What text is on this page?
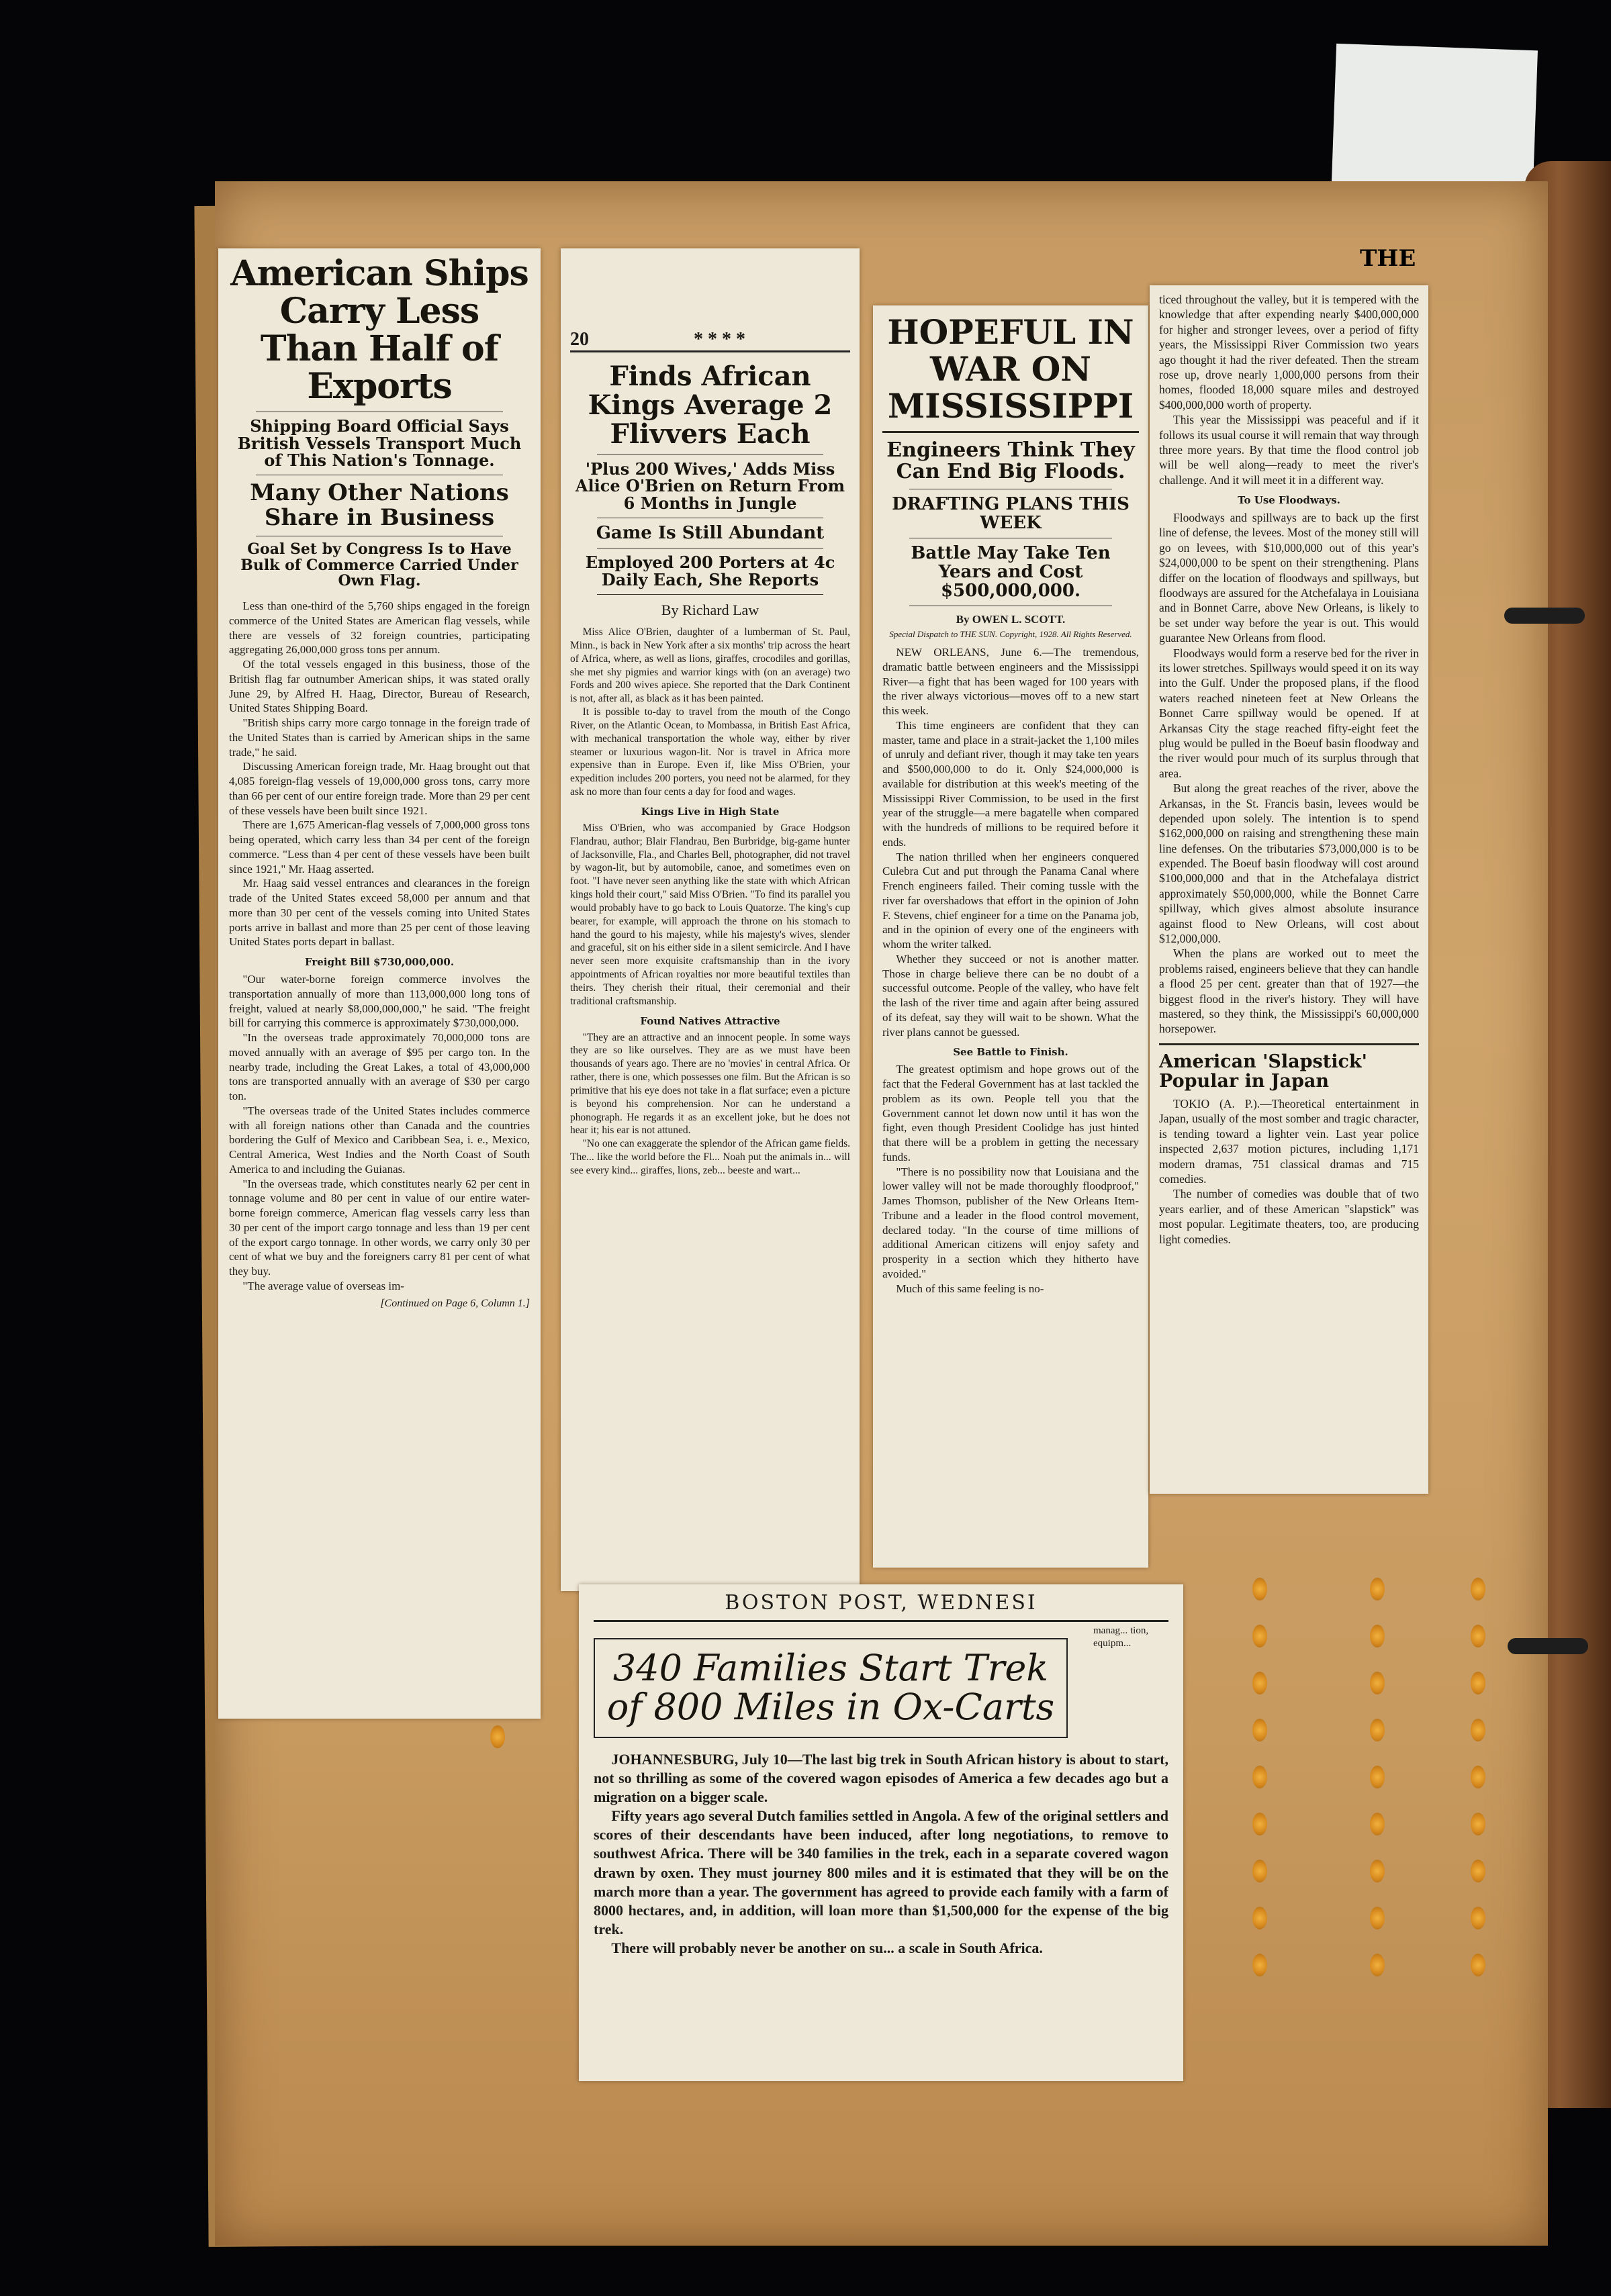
THE
American Ships Carry Less Than Half of Exports
Shipping Board Official Says British Vessels Transport Much of This Nation's Tonnage.
Many Other Nations Share in Business
Goal Set by Congress Is to Have Bulk of Commerce Carried Under Own Flag.

Less than one-third of the 5,760 ships engaged in the foreign commerce of the United States are American flag vessels, while there are vessels of 32 foreign countries, participating aggregating 26,000,000 gross tons per annum.

Of the total vessels engaged in this business, those of the British flag far outnumber American ships, it was stated orally June 29, by Alfred H. Haag, Director, Bureau of Research, United States Shipping Board.

"British ships carry more cargo tonnage in the foreign trade of the United States than is carried by American ships in the same trade," he said.

Discussing American foreign trade, Mr. Haag brought out that 4,085 foreign-flag vessels of 19,000,000 gross tons, carry more than 66 per cent of our entire foreign trade. More than 29 per cent of these vessels have been built since 1921.

There are 1,675 American-flag vessels of 7,000,000 gross tons being operated, which carry less than 34 per cent of the foreign commerce. "Less than 4 per cent of these vessels have been built since 1921," Mr. Haag asserted.

Mr. Haag said vessel entrances and clearances in the foreign trade of the United States exceed 58,000 per annum and that more than 30 per cent of the vessels coming into United States ports arrive in ballast and more than 25 per cent of those leaving United States ports depart in ballast.

Freight Bill $730,000,000.

"Our water-borne foreign commerce involves the transportation annually of more than 113,000,000 long tons of freight, valued at nearly $8,000,000,000," he said. "The freight bill for carrying this commerce is approximately $730,000,000.

"In the overseas trade approximately 70,000,000 tons are moved annually with an average of $95 per cargo ton. In the nearby trade, including the Great Lakes, a total of 43,000,000 tons are transported annually with an average of $30 per cargo ton.

"The overseas trade of the United States includes commerce with all foreign nations other than Canada and the countries bordering the Gulf of Mexico and Caribbean Sea, i. e., Mexico, Central America, West Indies and the North Coast of South America to and including the Guianas.

"In the overseas trade, which constitutes nearly 62 per cent in tonnage volume and 80 per cent in value of our entire water-borne foreign commerce, American flag vessels carry less than 30 per cent of the import cargo tonnage and less than 19 per cent of the export cargo tonnage. In other words, we carry only 30 per cent of what we buy and the foreigners carry 81 per cent of what they buy.

"The average value of overseas im-

[Continued on Page 6, Column 1.]
20	* * * *
Finds African Kings Average 2 Flivvers Each
'Plus 200 Wives,' Adds Miss Alice O'Brien on Return From 6 Months in Jungle
Game Is Still Abundant
Employed 200 Porters at 4c Daily Each, She Reports
By Richard Law

Miss Alice O'Brien, daughter of a lumberman of St. Paul, Minn., is back in New York after a six months' trip across the heart of Africa, where, as well as lions, giraffes, crocodiles and gorillas, she met shy pigmies and warrior kings with (on an average) two Fords and 200 wives apiece. She reported that the Dark Continent is not, after all, as black as it has been painted.

It is possible to-day to travel from the mouth of the Congo River, on the Atlantic Ocean, to Mombassa, in British East Africa, with mechanical transportation the whole way, either by river steamer or luxurious wagon-lit. Nor is travel in Africa more expensive than in Europe. Even if, like Miss O'Brien, your expedition includes 200 porters, you need not be alarmed, for they ask no more than four cents a day for food and wages.

Kings Live in High State

Miss O'Brien, who was accompanied by Grace Hodgson Flandrau, author; Blair Flandrau, Ben Burbridge, big-game hunter of Jacksonville, Fla., and Charles Bell, photographer, did not travel by wagon-lit, but by automobile, canoe, and sometimes even on foot. "I have never seen anything like the state with which African kings hold their court," said Miss O'Brien. "To find its parallel you would probably have to go back to Louis Quatorze. The king's cup bearer, for example, will approach the throne on his stomach to hand the gourd to his majesty, while his majesty's wives, slender and graceful, sit on his either side in a silent semicircle. And I have never seen more exquisite craftsmanship than in the ivory appointments of African royalties nor more beautiful textiles than theirs. They cherish their ritual, their ceremonial and their traditional craftsmanship.

Found Natives Attractive

"They are an attractive and an innocent people. In some ways they are so like ourselves. They are as we must have been thousands of years ago. There are no 'movies' in central Africa. Or rather, there is one, which possesses one film. But the African is so primitive that his eye does not take in a flat surface; even a picture is beyond his comprehension. Nor can he understand a phonograph. He regards it as an excellent joke, but he does not hear it; his ear is not attuned.

"No one can exaggerate the splendor of the African game fields. The... like the world before the Fl... Noah put the animals in... will see every kind... giraffes, lions, zeb... beeste and wart...

HOPEFUL IN WAR ON MISSISSIPPI
Engineers Think They Can End Big Floods.
DRAFTING PLANS THIS WEEK
Battle May Take Ten Years and Cost $500,000,000.
By OWEN L. SCOTT.
Special Dispatch to THE SUN. Copyright, 1928. All Rights Reserved.

NEW ORLEANS, June 6.—The tremendous, dramatic battle between engineers and the Mississippi River—a fight that has been waged for 100 years with the river always victorious—moves off to a new start this week.

This time engineers are confident that they can master, tame and place in a strait-jacket the 1,100 miles of unruly and defiant river, though it may take ten years and $500,000,000 to do it. Only $24,000,000 is available for distribution at this week's meeting of the Mississippi River Commission, to be used in the first year of the struggle—a mere bagatelle when compared with the hundreds of millions to be required before it ends.

The nation thrilled when her engineers conquered Culebra Cut and put through the Panama Canal where French engineers failed. Their coming tussle with the river far overshadows that effort in the opinion of John F. Stevens, chief engineer for a time on the Panama job, and in the opinion of every one of the engineers with whom the writer talked.

Whether they succeed or not is another matter. Those in charge believe there can be no doubt of a successful outcome. People of the valley, who have felt the lash of the river time and again after being assured of its defeat, say they will wait to be shown. What the river plans cannot be guessed.

See Battle to Finish.

The greatest optimism and hope grows out of the fact that the Federal Government has at last tackled the problem as its own. People tell you that the Government cannot let down now until it has won the fight, even though President Coolidge has just hinted that there will be a problem in getting the necessary funds.

"There is no possibility now that Louisiana and the lower valley will not be made thoroughly floodproof," James Thomson, publisher of the New Orleans Item-Tribune and a leader in the flood control movement, declared today. "In the course of time millions of additional American citizens will enjoy safety and prosperity in a section which they hitherto have avoided."

Much of this same feeling is no-

ticed throughout the valley, but it is tempered with the knowledge that after expending nearly $400,000,000 for higher and stronger levees, over a period of fifty years, the Mississippi River Commission two years ago thought it had the river defeated. Then the stream rose up, drove nearly 1,000,000 persons from their homes, flooded 18,000 square miles and destroyed $400,000,000 worth of property.

This year the Mississippi was peaceful and if it follows its usual course it will remain that way through three more years. By that time the flood control job will be well along—ready to meet the river's challenge. And it will meet it in a different way.

To Use Floodways.

Floodways and spillways are to back up the first line of defense, the levees. Most of the money still will go on levees, with $10,000,000 out of this year's $24,000,000 to be spent on their strengthening. Plans differ on the location of floodways and spillways, but floodways are assured for the Atchefalaya in Louisiana and in Bonnet Carre, above New Orleans, is likely to be set under way before the year is out. This would guarantee New Orleans from flood.

Floodways would form a reserve bed for the river in its lower stretches. Spillways would speed it on its way into the Gulf. Under the proposed plans, if the flood waters reached nineteen feet at New Orleans the Bonnet Carre spillway would be opened. If at Arkansas City the stage reached fifty-eight feet the plug would be pulled in the Boeuf basin floodway and the river would pour much of its surplus through that area.

But along the great reaches of the river, above the Arkansas, in the St. Francis basin, levees would be depended upon solely. The intention is to spend $162,000,000 on raising and strengthening these main line defenses. On the tributaries $73,000,000 is to be expended. The Boeuf basin floodway will cost around $100,000,000 and that in the Atchefalaya district approximately $50,000,000, while the Bonnet Carre spillway, which gives almost absolute insurance against flood to New Orleans, will cost about $12,000,000.

When the plans are worked out to meet the problems raised, engineers believe that they can handle a flood 25 per cent. greater than that of 1927—the biggest flood in the river's history. They will have mastered, so they think, the Mississippi's 60,000,000 horsepower.

American 'Slapstick' Popular in Japan

TOKIO (A. P.).—Theoretical entertainment in Japan, usually of the most somber and tragic character, is tending toward a lighter vein. Last year police inspected 2,637 motion pictures, including 1,171 modern dramas, 751 classical dramas and 715 comedies.

The number of comedies was double that of two years earlier, and of these American "slapstick" was most popular. Legitimate theaters, too, are producing light comedies.

BOSTON POST, WEDNESI
manag... tion, equipm...
340 Families Start Trek of 800 Miles in Ox-Carts

JOHANNESBURG, July 10—The last big trek in South African history is about to start, not so thrilling as some of the covered wagon episodes of America a few decades ago but a migration on a bigger scale.

Fifty years ago several Dutch families settled in Angola. A few of the original settlers and scores of their descendants have been induced, after long negotiations, to remove to southwest Africa. There will be 340 families in the trek, each in a separate covered wagon drawn by oxen. They must journey 800 miles and it is estimated that they will be on the march more than a year. The government has agreed to provide each family with a farm of 8000 hectares, and, in addition, will loan more than $1,500,000 for the expense of the big trek.

There will probably never be another on su... a scale in South Africa.
